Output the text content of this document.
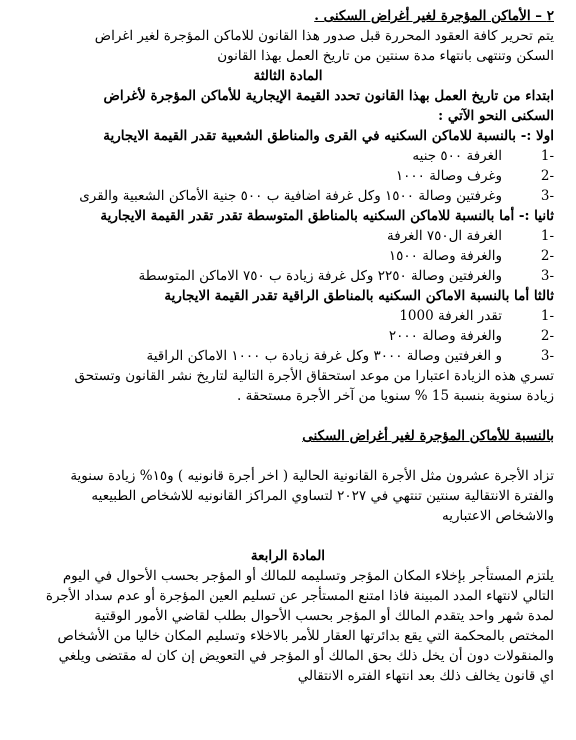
٢ – الأماكن المؤجرة لغير أغراض السكنى .
يتم تحرير كافة العقود المحررة قبل صدور هذا القانون للاماكن المؤجرة لغير اغراض
السكن وتنتهى بانتهاء مدة سنتين من تاريخ العمل بهذا القانون
المادة الثالثة
ابتداء من تاريخ العمل بهذا القانون تحدد القيمة الإيجارية للأماكن المؤجرة لأغراض
السكنى النحو الآتي :
اولا :- بالنسبة للاماكن السكنيه في القرى والمناطق الشعبية تقدر القيمة الايجارية
-1
الغرفة ٥٠٠ جنيه
-2
وغرف وصالة ١٠٠٠
-3
وغرفتين وصالة ١٥٠٠ وكل غرفة اضافية ب ٥٠٠ جنية الأماكن الشعبية والقرى
ثانيا :- أما بالنسبة للاماكن السكنيه بالمناطق المتوسطة تقدر تقدر القيمة الايجارية
-1
الغرفة ال٧٥٠ الغرفة
-2
والغرفة وصالة ١٥٠٠
-3
والغرفتين وصالة ٢٢٥٠ وكل غرفة زيادة ب ٧٥٠ الاماكن المتوسطة
ثالثا أما بالنسبة الاماكن السكنيه بالمناطق الراقية تقدر القيمة الايجارية
-1
تقدر الغرفة 1000
-2
والغرفة وصالة ٢٠٠٠
-3
و الغرفتين وصالة ٣٠٠٠ وكل غرفة زيادة ب ١٠٠٠ الاماكن الراقية
تسري هذه الزيادة اعتبارا من موعد استحقاق الأجرة التالية لتاريخ نشر القانون وتستحق
زيادة سنوية بنسبة 15 % سنويا من آخر الأجرة مستحقة .
بالنسبة للأماكن المؤجرة لغير أغراض السكنى
تزاد الأجرة عشرون مثل الأجرة القانونية الحالية ( اخر أجرة قانونيه ) و١٥% زيادة سنوية
والفترة الانتقالية سنتين تنتهي في ٢٠٢٧ لتساوي المراكز القانونيه للاشخاص الطبيعيه
والاشخاص الاعتباريه
المادة الرابعة
يلتزم المستأجر بإخلاء المكان المؤجر وتسليمه للمالك أو المؤجر بحسب الأحوال في اليوم
التالي لانتهاء المدد المبينة فاذا امتنع المستأجر عن تسليم العين المؤجرة أو عدم سداد الأجرة
لمدة شهر واحد يتقدم المالك أو المؤجر بحسب الأحوال بطلب لقاضي الأمور الوقتية
المختص بالمحكمة التي يقع بدائرتها العقار للأمر بالاخلاء وتسليم المكان خاليا من الأشخاص
والمنقولات دون أن يخل ذلك بحق المالك أو المؤجر في التعويض إن كان له مقتضى ويلغي
اي قانون يخالف ذلك بعد انتهاء الفتره الانتقالي
